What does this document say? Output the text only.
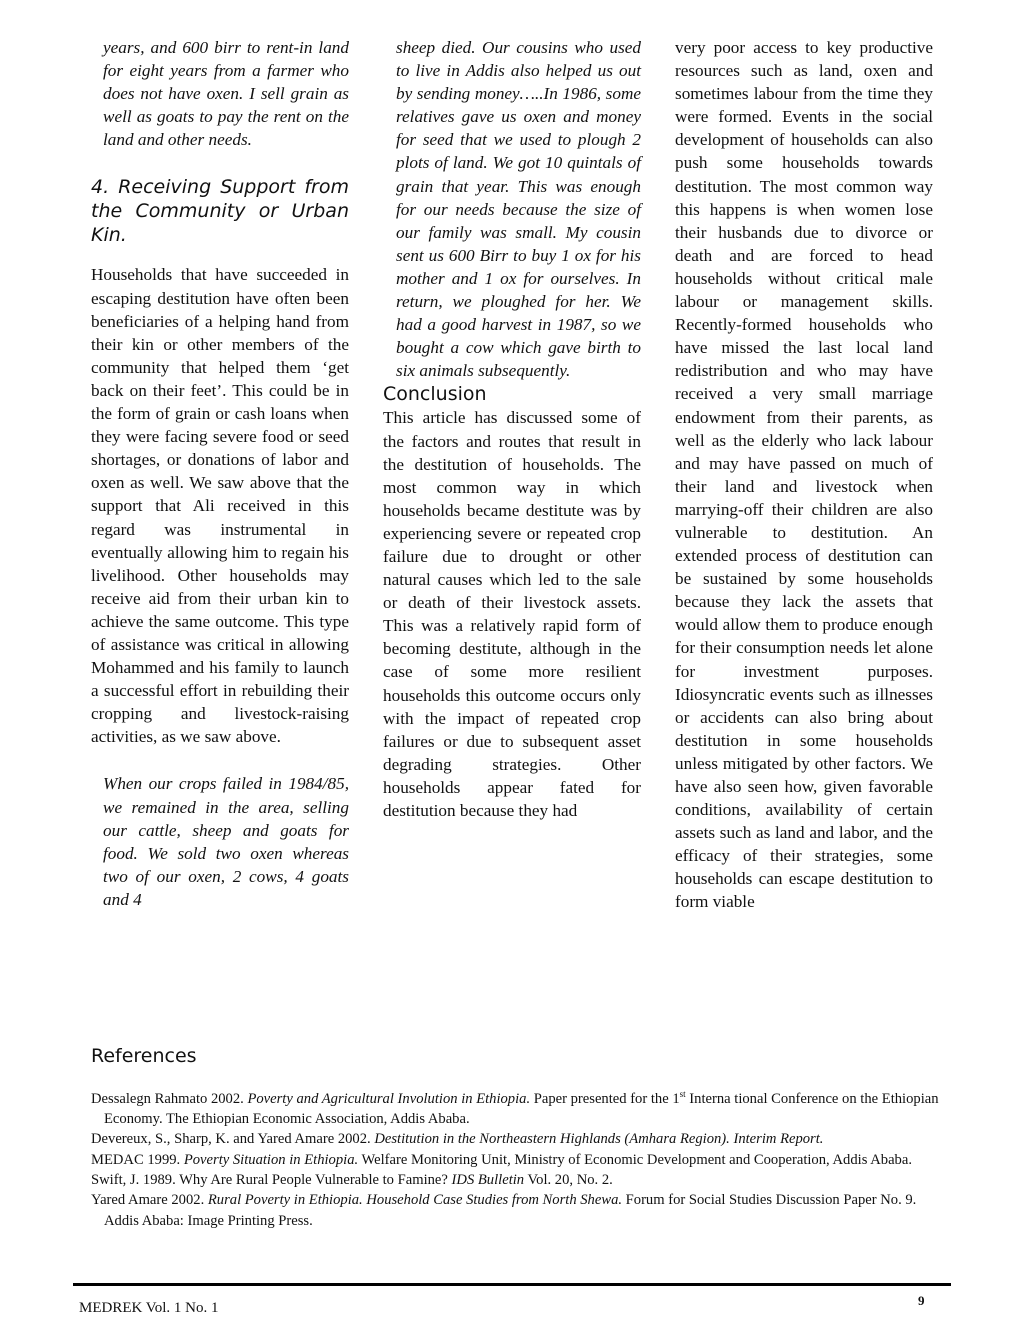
years, and 600 birr to rent-in land for eight years from a farmer who does not have oxen. I sell grain as well as goats to pay the rent on the land and other needs.

4. Receiving Support from the Community or Urban Kin.

Households that have succeeded in escaping destitution have often been beneficiaries of a helping hand from their kin or other members of the community that helped them ‘get back on their feet’. This could be in the form of grain or cash loans when they were facing severe food or seed shortages, or donations of labor and oxen as well. We saw above that the support that Ali received in this regard was instrumental in eventually allowing him to regain his livelihood. Other households may receive aid from their urban kin to achieve the same outcome. This type of assistance was critical in allowing Mohammed and his family to launch a successful effort in rebuilding their cropping and livestock-raising activities, as we saw above.

When our crops failed in 1984/85, we remained in the area, selling our cattle, sheep and goats for food. We sold two oxen whereas two of our oxen, 2 cows, 4 goats and 4

sheep died. Our cousins who used to live in Addis also helped us out by sending money…..In 1986, some relatives gave us oxen and money for seed that we used to plough 2 plots of land. We got 10 quintals of grain that year. This was enough for our needs because the size of our family was small. My cousin sent us 600 Birr to buy 1 ox for his mother and 1 ox for ourselves. In return, we ploughed for her. We had a good harvest in 1987, so we bought a cow which gave birth to six animals subsequently.

Conclusion

This article has discussed some of the factors and routes that result in the destitution of households. The most common way in which households became destitute was by experiencing severe or repeated crop failure due to drought or other natural causes which led to the sale or death of their livestock assets. This was a relatively rapid form of becoming destitute, although in the case of some more resilient households this outcome occurs only with the impact of repeated crop failures or due to subsequent asset degrading strategies. Other households appear fated for destitution because they had

very poor access to key productive resources such as land, oxen and sometimes labour from the time they were formed. Events in the social development of households can also push some households towards destitution. The most common way this happens is when women lose their husbands due to divorce or death and are forced to head households without critical male labour or management skills. Recently-formed households who have missed the last local land redistribution and who may have received a very small marriage endowment from their parents, as well as the elderly who lack labour and may have passed on much of their land and livestock when marrying-off their children are also vulnerable to destitution. An extended process of destitution can be sustained by some households because they lack the assets that would allow them to produce enough for their consumption needs let alone for investment purposes. Idiosyncratic events such as illnesses or accidents can also bring about destitution in some households unless mitigated by other factors. We have also seen how, given favorable conditions, availability of certain assets such as land and labor, and the efficacy of their strategies, some households can escape destitution to form viable

References
Dessalegn Rahmato 2002. Poverty and Agricultural Involution in Ethiopia. Paper presented for the 1st Interna tional Conference on the Ethiopian Economy. The Ethiopian Economic Association, Addis Ababa.
Devereux, S., Sharp, K. and Yared Amare 2002. Destitution in the Northeastern Highlands (Amhara Region). Interim Report.
MEDAC 1999. Poverty Situation in Ethiopia. Welfare Monitoring Unit, Ministry of Economic Development and Cooperation, Addis Ababa.
Swift, J. 1989. Why Are Rural People Vulnerable to Famine? IDS Bulletin Vol. 20, No. 2.
Yared Amare 2002. Rural Poverty in Ethiopia. Household Case Studies from North Shewa. Forum for Social Studies Discussion Paper No. 9. Addis Ababa: Image Printing Press.
MEDREK Vol. 1 No. 1	9
